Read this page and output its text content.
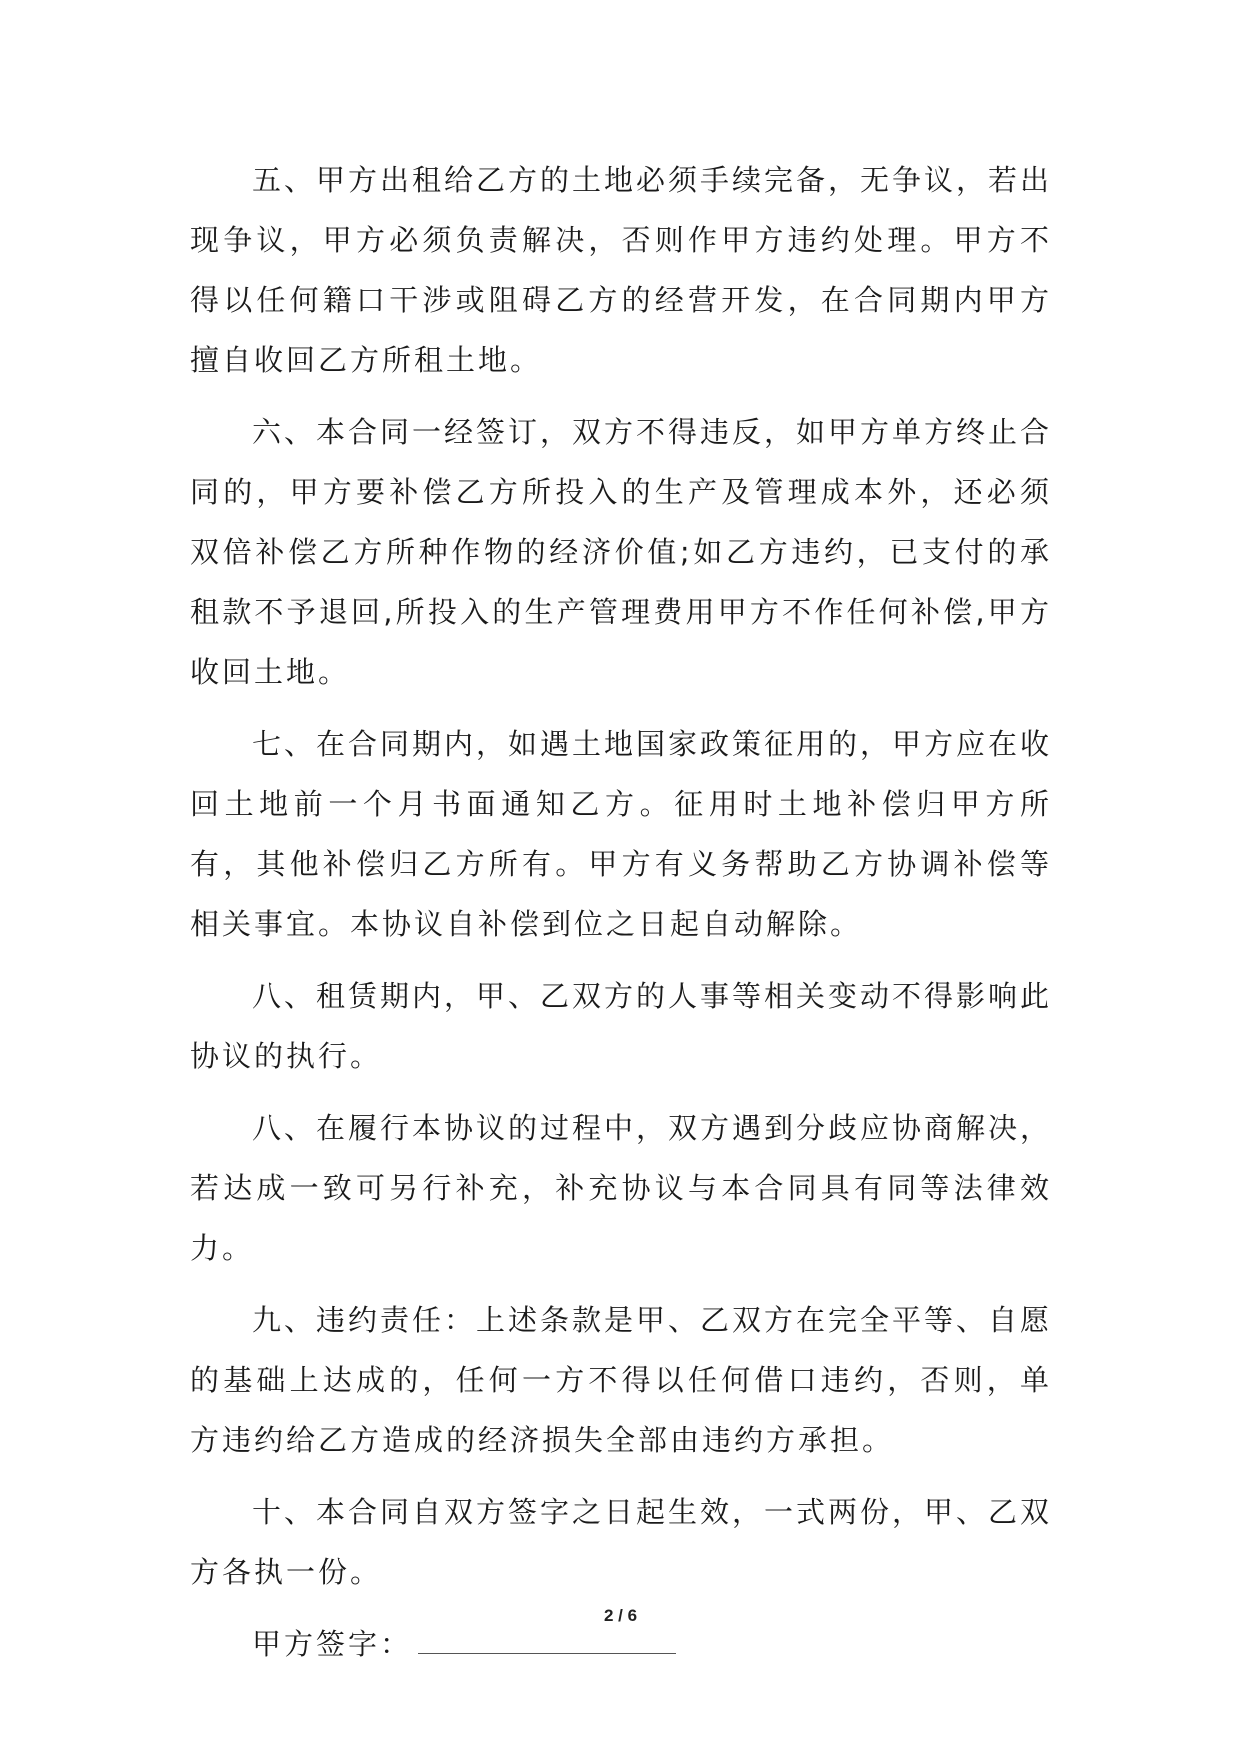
五、甲方出租给乙方的土地必须手续完备，无争议，若出现争议，甲方必须负责解决，否则作甲方违约处理。甲方不得以任何籍口干涉或阻碍乙方的经营开发，在合同期内甲方擅自收回乙方所租土地。

六、本合同一经签订，双方不得违反，如甲方单方终止合同的，甲方要补偿乙方所投入的生产及管理成本外，还必须双倍补偿乙方所种作物的经济价值;如乙方违约，已支付的承租款不予退回,所投入的生产管理费用甲方不作任何补偿,甲方收回土地。

七、在合同期内，如遇土地国家政策征用的，甲方应在收回土地前一个月书面通知乙方。征用时土地补偿归甲方所有，其他补偿归乙方所有。甲方有义务帮助乙方协调补偿等相关事宜。本协议自补偿到位之日起自动解除。

八、租赁期内，甲、乙双方的人事等相关变动不得影响此协议的执行。

八、在履行本协议的过程中，双方遇到分歧应协商解决，若达成一致可另行补充，补充协议与本合同具有同等法律效力。

九、违约责任：上述条款是甲、乙双方在完全平等、自愿的基础上达成的，任何一方不得以任何借口违约，否则，单方违约给乙方造成的经济损失全部由违约方承担。

十、本合同自双方签字之日起生效，一式两份，甲、乙双方各执一份。

甲方签字：

2 / 6
